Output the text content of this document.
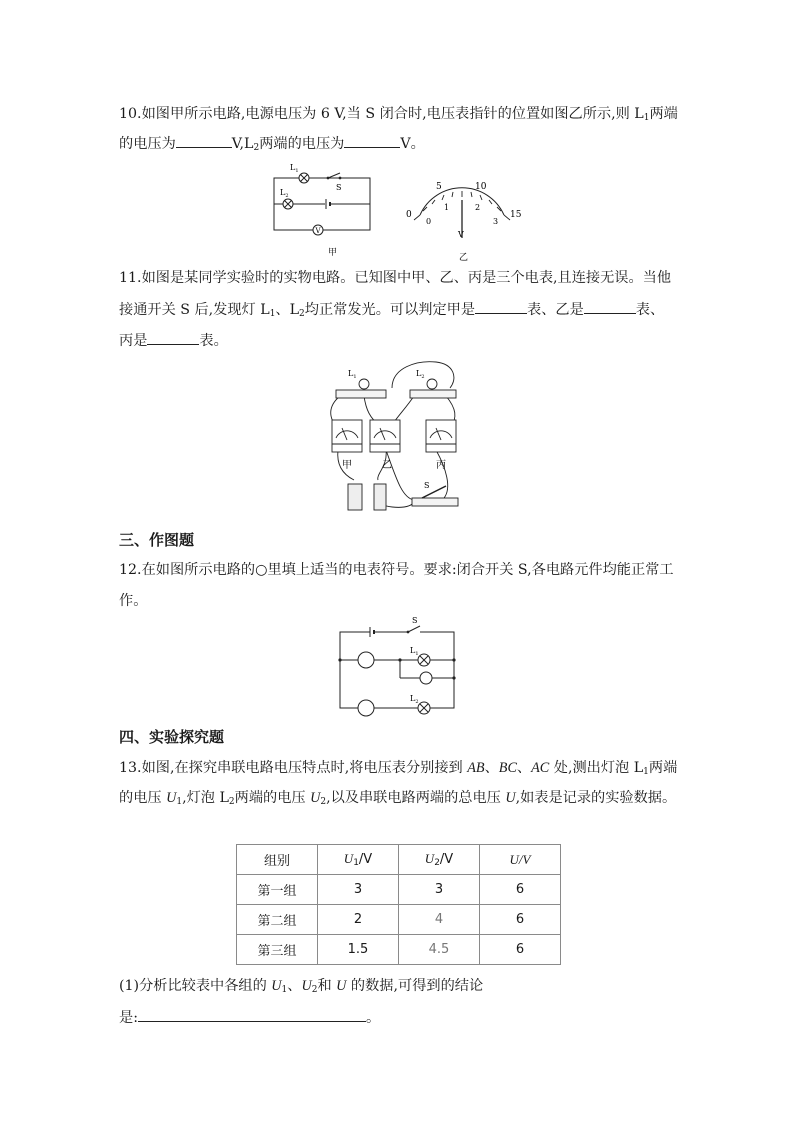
10.如图甲所示电路,电源电压为 6 V,当 S 闭合时,电压表指针的位置如图乙所示,则 $L_1$两端
的电压为	$V,L_2$两端的电压为	V。
$L_1$
$L_2$
S
V
甲
0
5	10
15
0
1	2
3
V
乙
11.如图是某同学实验时的实物电路。已知图中甲、乙、丙是三个电表,且连接无误。当他
接通开关 S 后,发现灯 $L_1$、$L_2$均正常发光。可以判定甲是	表、乙是	表、
丙是	表。
$L_1$	$L_2$
甲	乙	丙
S
三、作图题
12.在如图所示电路的○里填上适当的电表符号。要求:闭合开关 S,各电路元件均能正常工
作。
S
$L_1$
$L_2$
四、实验探究题
13.如图,在探究串联电路电压特点时,将电压表分别接到 AB、BC、AC 处,测出灯泡 $L_1$两端
的电压 $U_1$,灯泡 $L_2$两端的电压 $U_2$,以及串联电路两端的总电压 U,如表是记录的实验数据。
组别	$U_1/V$	$U_2/V$	U/V
第一组	3	3	6
第二组	2	4	6
第三组	1.5	4.5	6
(1)分析比较表中各组的 $U_1$、$U_2$和 U 的数据,可得到的结论
是:	。
